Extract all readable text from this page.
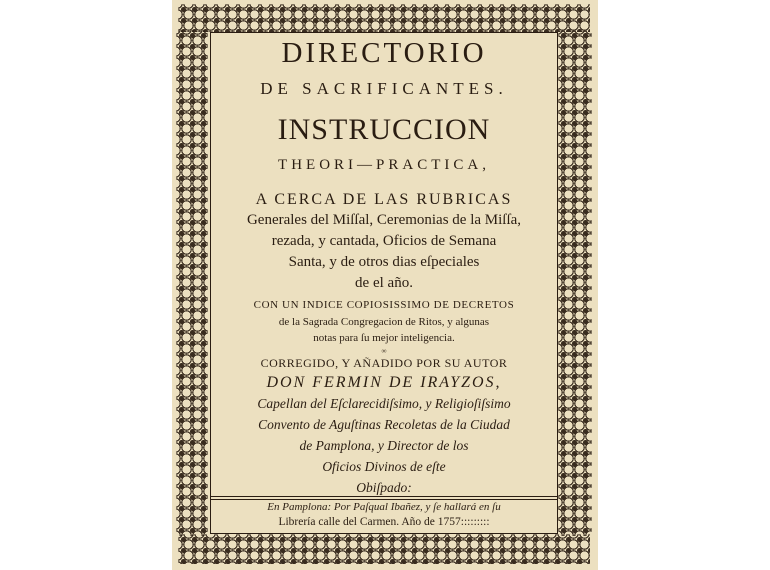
DIRECTORIO
DE SACRIFICANTES.
INSTRUCCION
THEORI—PRACTICA,
A CERCA DE LAS RUBRICAS
Generales del Miſſal, Ceremonias de la Miſſa,
rezada, y cantada, Oficios de Semana
Santa, y de otros dias eſpeciales
de el año.
CON UN INDICE COPIOSISSIMO DE DECRETOS
de la Sagrada Congregacion de Ritos, y algunas
notas para ſu mejor inteligencia.
∞
CORREGIDO, Y AÑADIDO POR SU AUTOR
DON FERMIN DE IRAYZOS,
Capellan del Eſclarecidiſsimo, y Religioſiſsimo
Convento de Aguſtinas Recoletas de la Ciudad
de Pamplona, y Director de los
Oficios Divinos de eſte
Obiſpado:
En Pamplona: Por Paſqual Ibañez, y ſe hallará en ſu
Librería calle del Carmen. Año de 1757:::::::::
